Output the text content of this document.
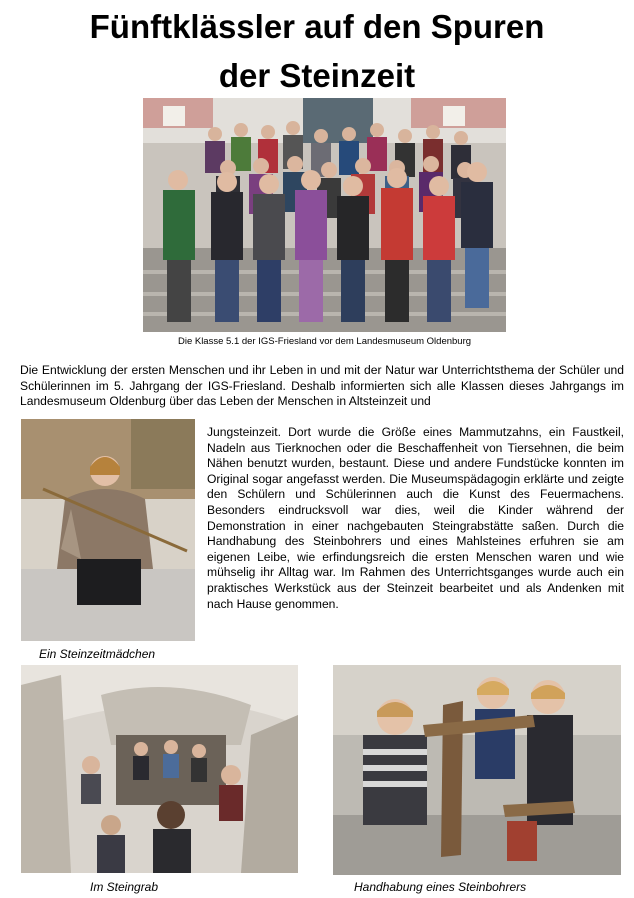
Fünftklässler auf den Spuren
der Steinzeit
Die Klasse 5.1 der IGS-Friesland vor dem Landesmuseum Oldenburg

Die Entwicklung der ersten Menschen und ihr Leben in und mit der Natur war Unterrichtsthema der Schüler und Schülerinnen im 5. Jahrgang der IGS-Friesland. Deshalb informierten sich alle Klassen dieses Jahrgangs im Landesmuseum Oldenburg über das Leben der Menschen in Altsteinzeit und

Ein Steinzeitmädchen

Jungsteinzeit. Dort wurde die Größe eines Mammutzahns, ein Faustkeil, Nadeln aus Tierknochen oder die Beschaffenheit von Tiersehnen, die beim Nähen benutzt wurden, bestaunt. Diese und andere Fundstücke konnten im Original sogar angefasst werden. Die Museumspädagogin erklärte und zeigte den Schülern und Schülerinnen auch die Kunst des Feuermachens. Besonders eindrucksvoll war dies, weil die Kinder während der Demonstration in einer nachgebauten Steingrabstätte saßen. Durch die Handhabung des Steinbohrers und eines Mahlsteines erfuhren sie am eigenen Leibe, wie erfindungsreich die ersten Menschen waren und wie mühselig ihr Alltag war. Im Rahmen des Unterrichtsganges wurde auch ein praktisches Werkstück aus der Steinzeit bearbeitet und als Andenken mit nach Hause genommen.

Im Steingrab	Handhabung eines Steinbohrers
